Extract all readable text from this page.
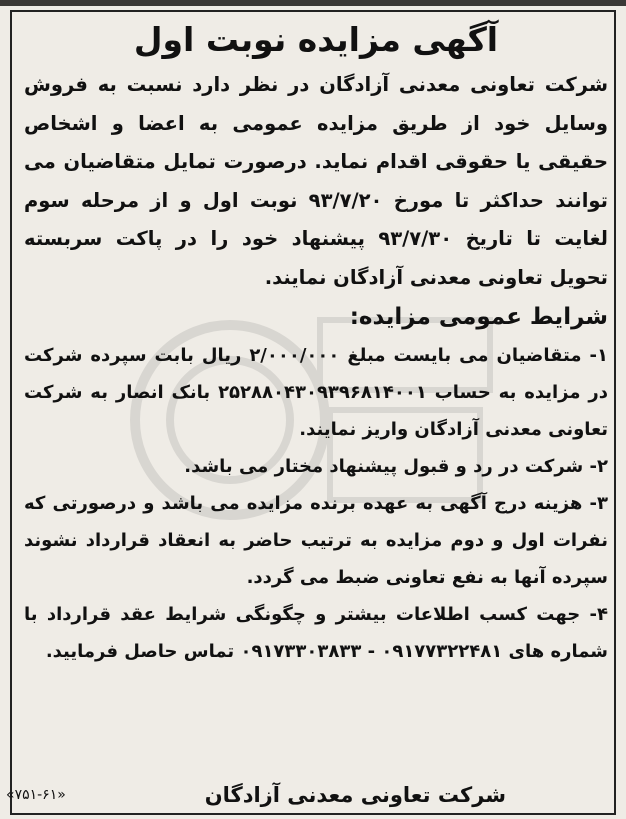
آگهی مزایده نوبت اول

شرکت تعاونی معدنی آزادگان در نظر دارد نسبت به فروش وسایل خود از طریق مزایده عمومی به اعضا و اشخاص حقیقی یا حقوقی اقدام نماید. درصورت تمایل متقاضیان می توانند حداکثر تا مورخ ۹۳/۷/۲۰ نوبت اول و از مرحله سوم لغایت تا تاریخ ۹۳/۷/۳۰ پیشنهاد خود را در پاکت سربسته تحویل تعاونی معدنی آزادگان نمایند.

شرایط عمومی مزایده:

۱- متقاضیان می بایست مبلغ ۲/۰۰۰/۰۰۰ ریال بابت سپرده شرکت در مزایده به حساب ۲۵۲۸۸۰۴۳۰۹۳۹۶۸۱۴۰۰۱ بانک انصار به شرکت تعاونی معدنی آزادگان واریز نمایند.

۲- شرکت در رد و قبول پیشنهاد مختار می باشد.

۳- هزینه درج آگهی به عهده برنده مزایده می باشد و درصورتی که نفرات اول و دوم مزایده به ترتیب حاضر به انعقاد قرارداد نشوند سپرده آنها به نفع تعاونی ضبط می گردد.

۴- جهت کسب اطلاعات بیشتر و چگونگی شرایط عقد قرارداد با شماره های ۰۹۱۷۷۳۲۲۴۸۱ - ۰۹۱۷۳۳۰۳۸۳۳ تماس حاصل فرمایید.

شرکت تعاونی معدنی آزادگان
«۷۵۱-۶۱»
